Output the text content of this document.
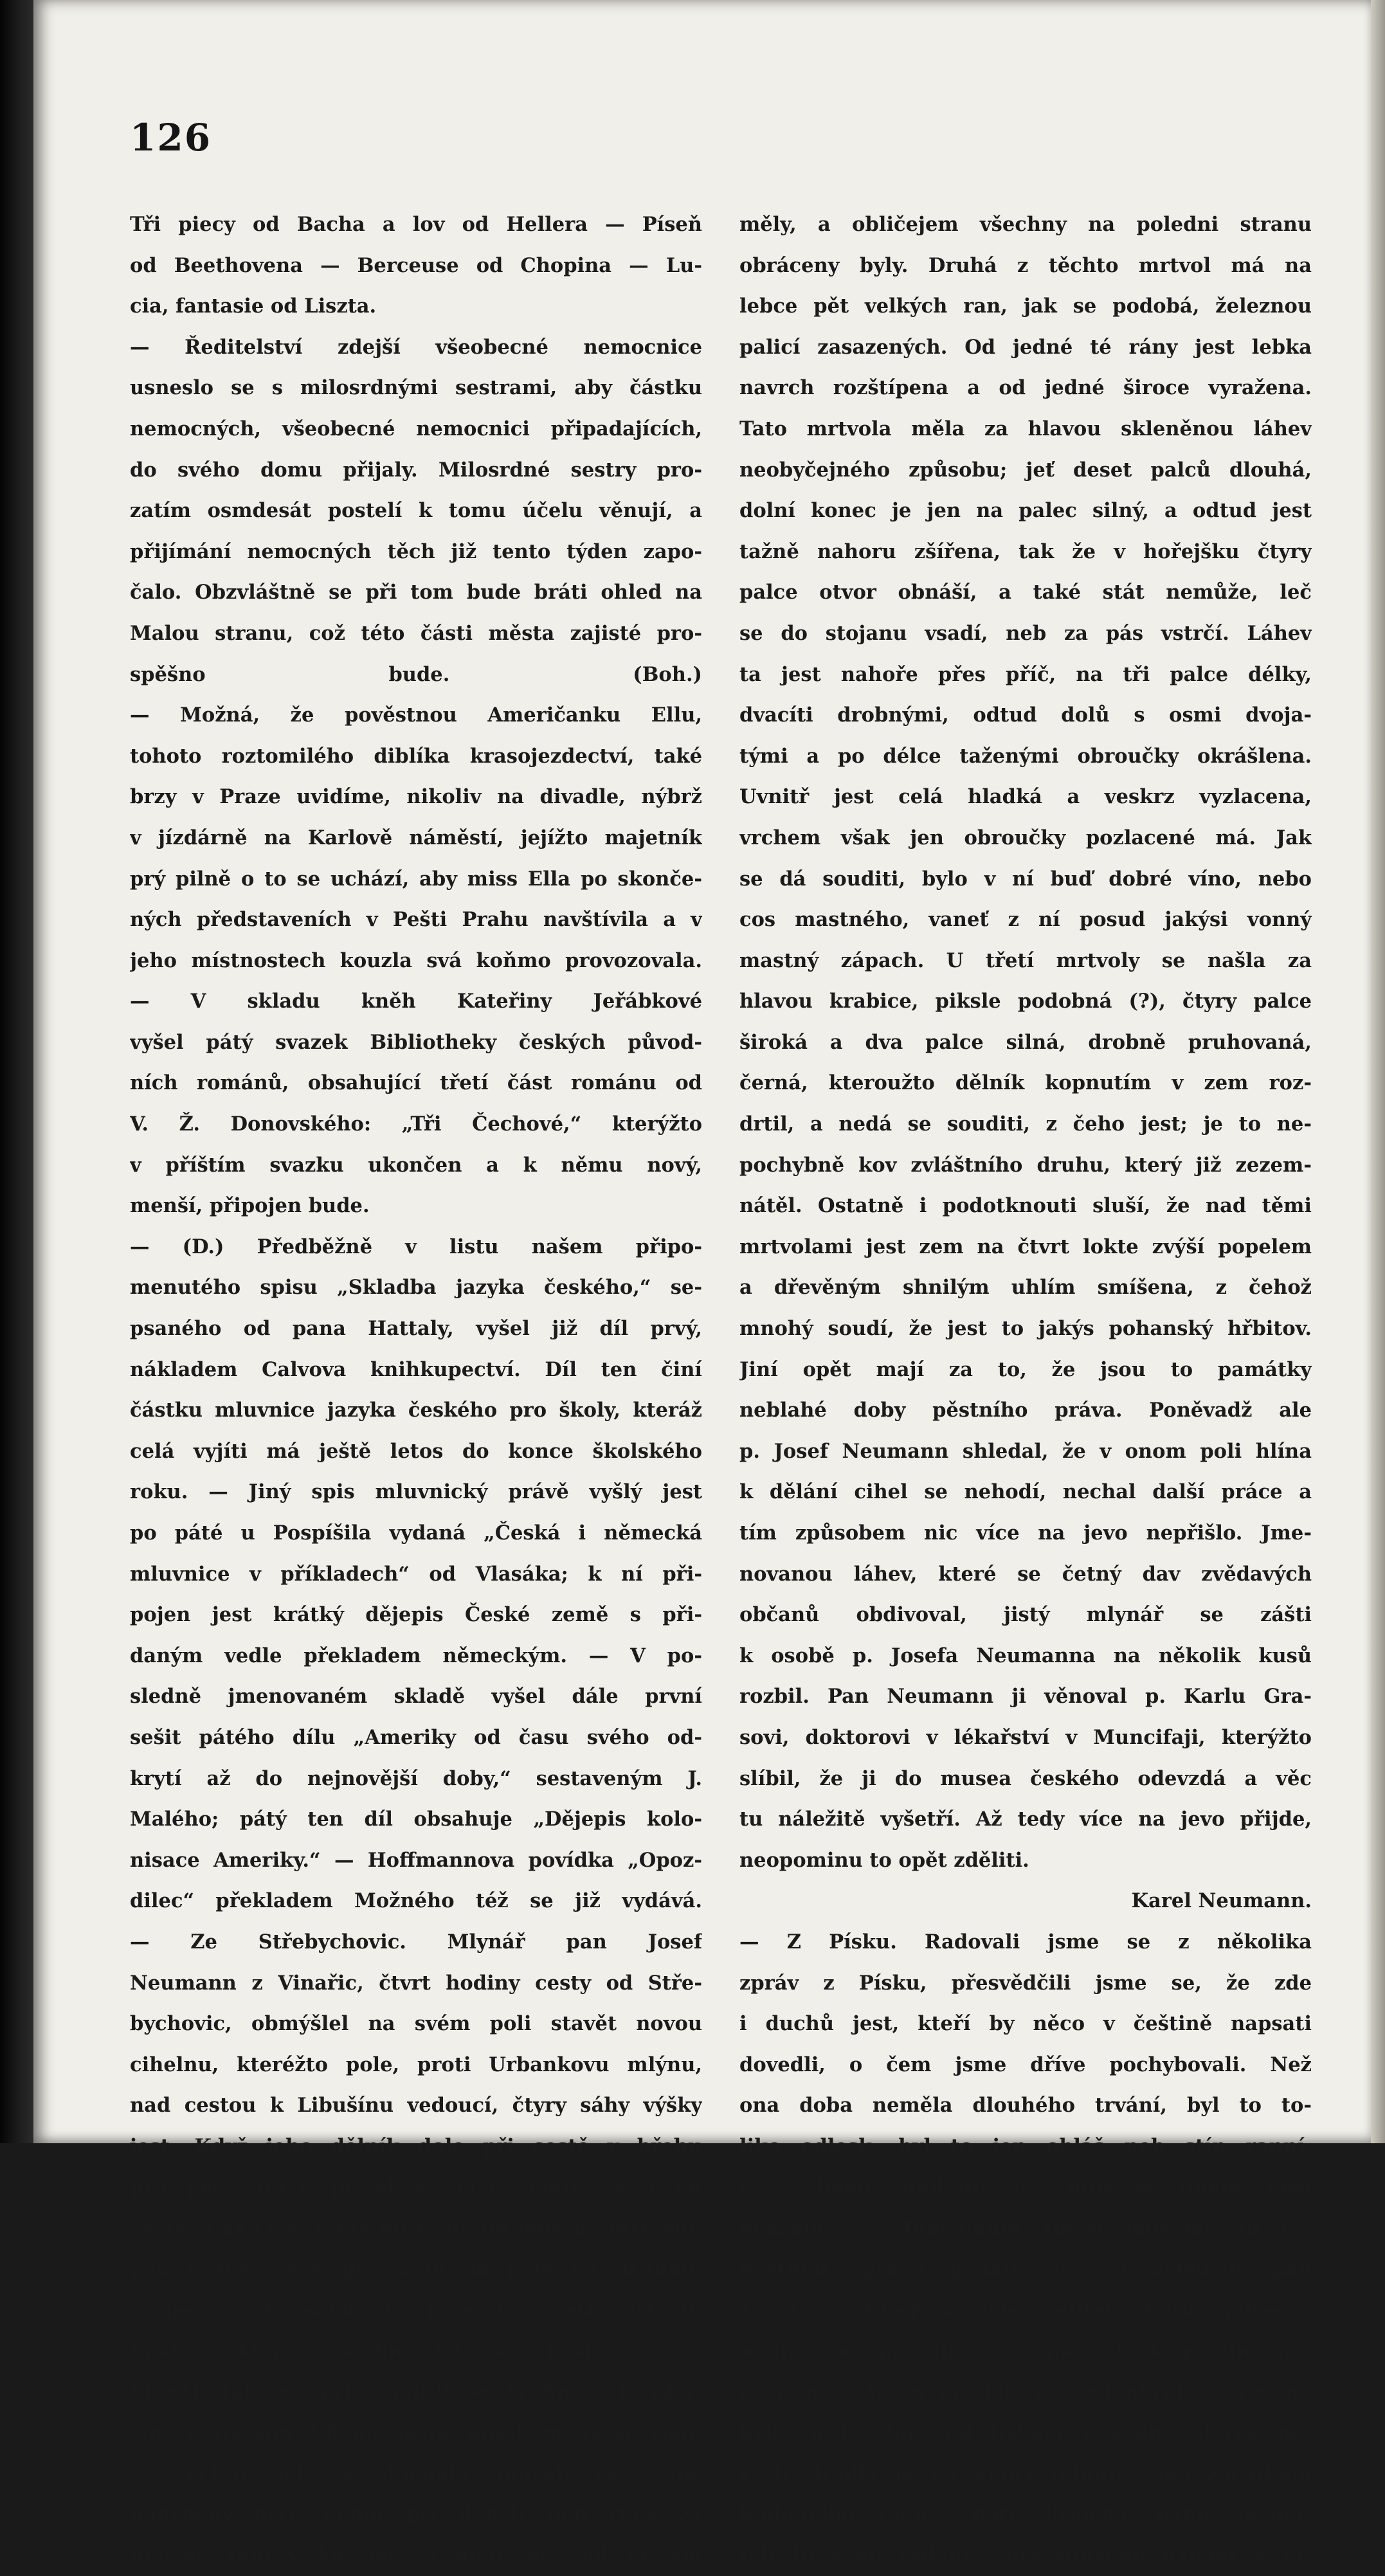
126

Tři piecy od Bacha a lov od Hellera — Píseň

od Beethovena — Berceuse od Chopina — Lu-

cia, fantasie od Liszta.

— Ředitelství zdejší všeobecné nemocnice

usneslo se s milosrdnými sestrami, aby částku

nemocných, všeobecné nemocnici připadajících,

do svého domu přijaly. Milosrdné sestry pro-

zatím osmdesát postelí k tomu účelu věnují, a

přijímání nemocných těch již tento týden zapo-

čalo. Obzvláštně se při tom bude bráti ohled na

Malou stranu, což této části města zajisté pro-

spěšno bude. (Boh.)

— Možná, že pověstnou Američanku Ellu,

tohoto roztomilého diblíka krasojezdectví, také

brzy v Praze uvidíme, nikoliv na divadle, nýbrž

v jízdárně na Karlově náměstí, jejížto majetník

prý pilně o to se uchází, aby miss Ella po skonče-

ných představeních v Pešti Prahu navštívila a v

jeho místnostech kouzla svá koňmo provozovala.

— V skladu kněh Kateřiny Jeřábkové

vyšel pátý svazek Bibliotheky českých původ-

ních románů, obsahující třetí část románu od

V. Ž. Donovského: „Tři Čechové,“ kterýžto

v příštím svazku ukončen a k němu nový,

menší, připojen bude.

— (D.) Předběžně v listu našem připo-

menutého spisu „Skladba jazyka českého,“ se-

psaného od pana Hattaly, vyšel již díl prvý,

nákladem Calvova knihkupectví. Díl ten činí

částku mluvnice jazyka českého pro školy, kteráž

celá vyjíti má ještě letos do konce školského

roku. — Jiný spis mluvnický právě vyšlý jest

po páté u Pospíšila vydaná „Česká i německá

mluvnice v příkladech“ od Vlasáka; k ní při-

pojen jest krátký dějepis České země s při-

daným vedle překladem německým. — V po-

sledně jmenovaném skladě vyšel dále první

sešit pátého dílu „Ameriky od času svého od-

krytí až do nejnovější doby,“ sestaveným J.

Malého; pátý ten díl obsahuje „Dějepis kolo-

nisace Ameriky.“ — Hoffmannova povídka „Opoz-

dilec“ překladem Možného též se již vydává.

— Ze Střebychovic. Mlynář pan Josef

Neumann z Vinařic, čtvrt hodiny cesty od Stře-

bychovic, obmýšlel na svém poli stavět novou

cihelnu, kteréžto pole, proti Urbankovu mlýnu,

nad cestou k Libušínu vedoucí, čtyry sáhy výšky

jest. Když jeho dělník dole při cestě v břehu

pro pec kopal, přišel as čtvrt lokte zvýší od

cesty, a as čtvrt lokte od cesty do pole na mrtvolu,

pak v též výšce půl sáhu do pole na druhou,

a pět čtvrtí sáhu do pole na třetí mrtvolu

lidskou, kteréž všechny tři jsou nesmírné ve-

likosti, tak že, přirovnají-li se ty hnáty k zdej-

ším největším lidem, ještě mnohem větší jsou,

a všechny, jak se shledalo, musely ve vazbě

pohřbeny býti, neboť při debytí jich ruce za

hlavou, tělo v kozelec, a nohy na zad křížem

měly, a obličejem všechny na poledni stranu

obráceny byly. Druhá z těchto mrtvol má na

lebce pět velkých ran, jak se podobá, železnou

palicí zasazených. Od jedné té rány jest lebka

navrch rozštípena a od jedné široce vyražena.

Tato mrtvola měla za hlavou skleněnou láhev

neobyčejného způsobu; jeť deset palců dlouhá,

dolní konec je jen na palec silný, a odtud jest

tažně nahoru zšířena, tak že v hořejšku čtyry

palce otvor obnáší, a také stát nemůže, leč

se do stojanu vsadí, neb za pás vstrčí. Láhev

ta jest nahoře přes příč, na tři palce délky,

dvacíti drobnými, odtud dolů s osmi dvoja-

tými a po délce taženými obroučky okrášlena.

Uvnitř jest celá hladká a veskrz vyzlacena,

vrchem však jen obroučky pozlacené má. Jak

se dá souditi, bylo v ní buď dobré víno, nebo

cos mastného, vaneť z ní posud jakýsi vonný

mastný zápach. U třetí mrtvoly se našla za

hlavou krabice, piksle podobná (?), čtyry palce

široká a dva palce silná, drobně pruhovaná,

černá, kteroužto dělník kopnutím v zem roz-

drtil, a nedá se souditi, z čeho jest; je to ne-

pochybně kov zvláštního druhu, který již zezem-

nátěl. Ostatně i podotknouti sluší, že nad těmi

mrtvolami jest zem na čtvrt lokte zvýší popelem

a dřevěným shnilým uhlím smíšena, z čehož

mnohý soudí, že jest to jakýs pohanský hřbitov.

Jiní opět mají za to, že jsou to památky

neblahé doby pěstního práva. Poněvadž ale

p. Josef Neumann shledal, že v onom poli hlína

k dělání cihel se nehodí, nechal další práce a

tím způsobem nic více na jevo nepřišlo. Jme-

novanou láhev, které se četný dav zvědavých

občanů obdivoval, jistý mlynář se zášti

k osobě p. Josefa Neumanna na několik kusů

rozbil. Pan Neumann ji věnoval p. Karlu Gra-

sovi, doktorovi v lékařství v Muncifaji, kterýžto

slíbil, že ji do musea českého odevzdá a věc

tu náležitě vyšetří. Až tedy více na jevo přijde,

neopominu to opět zděliti.

Karel Neumann.

— Z Písku. Radovali jsme se z několika

zpráv z Písku, přesvědčili jsme se, že zde

i duchů jest, kteří by něco v češtině napsati

dovedli, o čem jsme dříve pochybovali. Než

ona doba neměla dlouhého trvání, byl to to-

liko odlesk, byl to jen ohláš neb stín ranní,

který hned zaniknul, jak míle se jiného cosi

okázalo. — Milovníkům zpěvu můžeme tu rá-

dostnou zprávu podati, že velezasloužilý pan

František Gregora, náš ředitel chóru, pilně a

neunaveně pracuje na nápěvech k písním ná-

rodním a takovým, jak již jedenkráte vyřešeno

bylo, ježto doposud tiskem v žádné sbírce ne-

vyšly. Hodlá je ku konci tohoto aneb začátkem

budoucího roku vydati. Přejeme panu sklada-

teli hrského vydání, spravedlivého uznání a la-
